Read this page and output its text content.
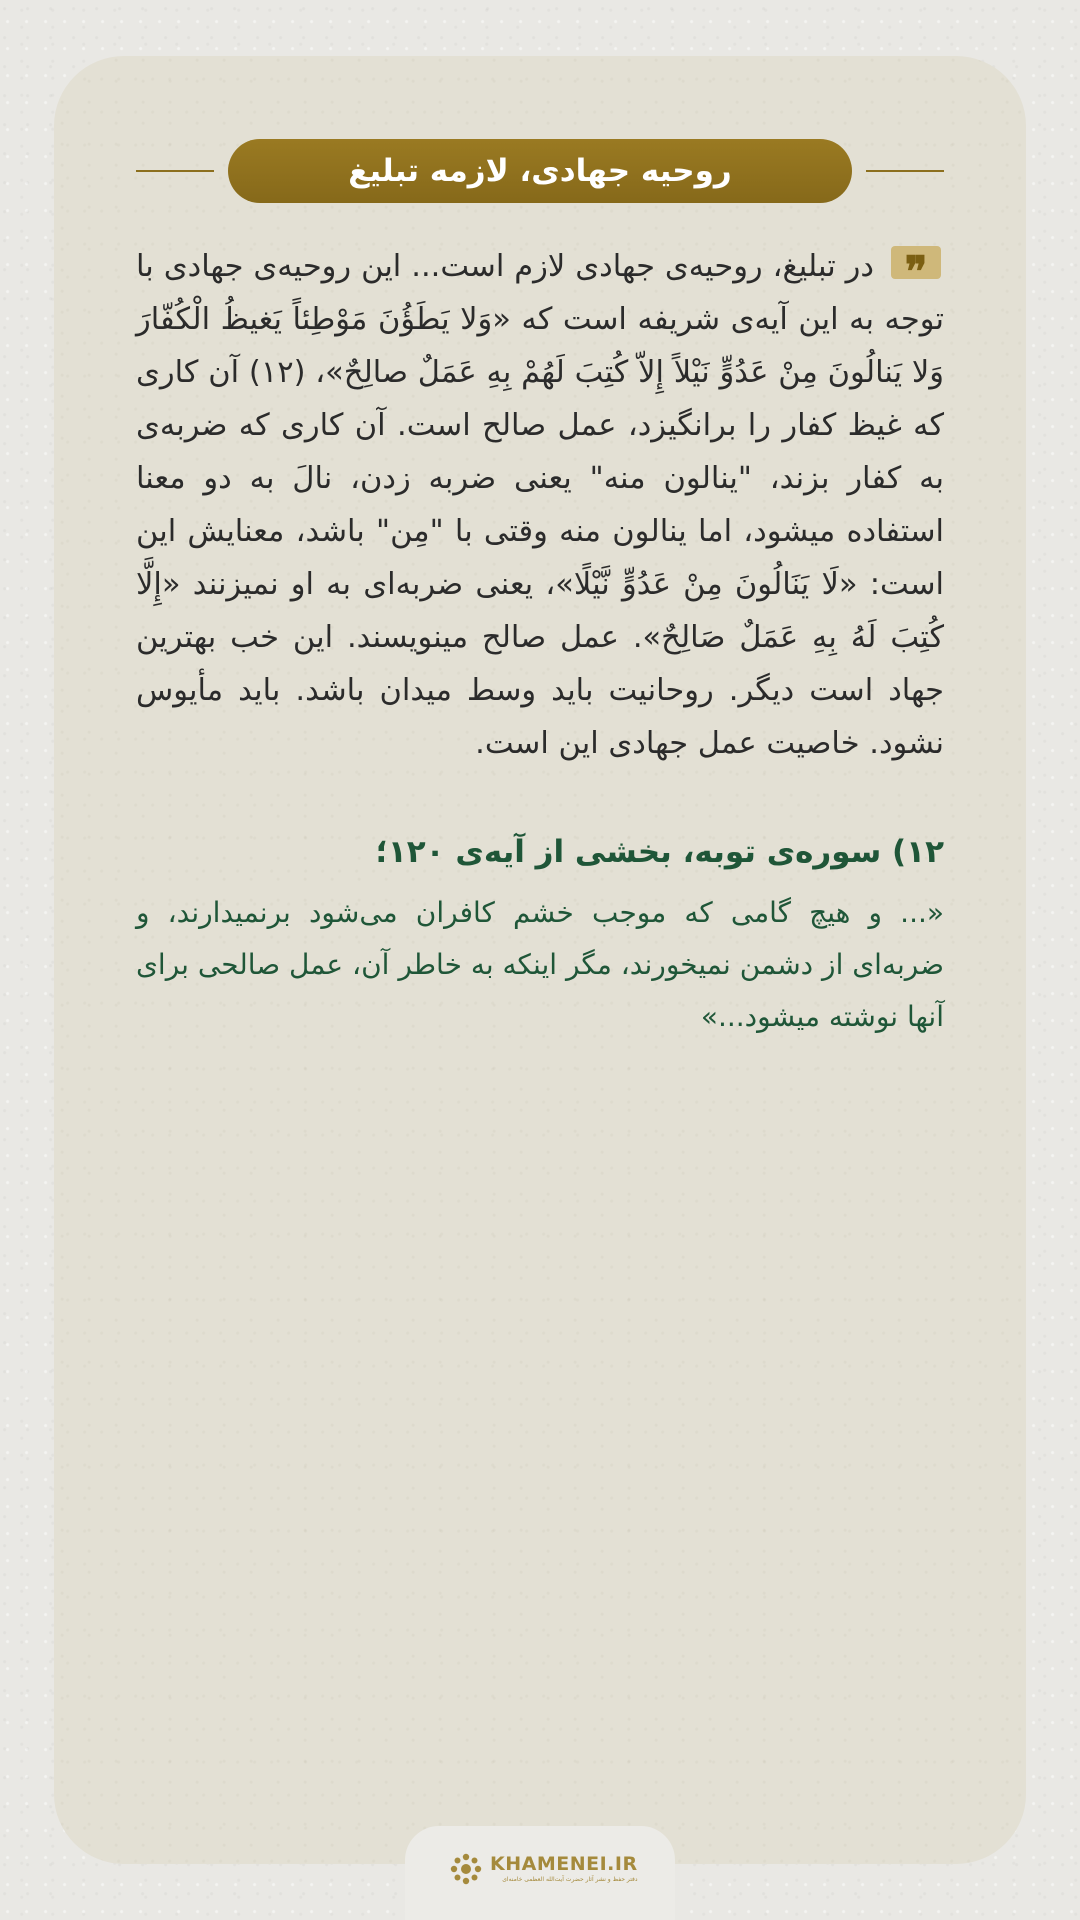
روحیه جهادی، لازمه تبلیغ
❞

در تبلیغ، روحیه‌ی جهادی لازم است... این روحیه‌ی جهادی با توجه به این آیه‌ی شریفه است که «وَلا یَطَؤُنَ مَوْطِئاً یَغیظُ الْکُفّارَ وَلا یَنالُونَ مِنْ عَدُوٍّ نَیْلاً إِلاّ کُتِبَ لَهُمْ بِهِ عَمَلٌ صالِحٌ»، (۱۲) آن کاری که غیظ کفار را برانگیزد، عمل صالح است. آن کاری که ضربه‌ی به کفار بزند، "ینالون منه" یعنی ضربه زدن، نالَ به دو معنا استفاده میشود، اما ینالون منه وقتی با "مِن" باشد، معنایش این است: «لَا یَنَالُونَ مِنْ عَدُوٍّ نَّیْلًا»، یعنی ضربه‌ای به او نمیزنند «إِلَّا کُتِبَ لَهُ بِهِ عَمَلٌ صَالِحٌ». عمل صالح مینویسند. این خب بهترین جهاد است دیگر. روحانیت باید وسط میدان باشد. باید مأیوس نشود. خاصیت عمل جهادی این است.

۱۲) سوره‌ی توبه، بخشی از آیه‌ی ۱۲۰؛

«... و هیچ گامی که موجب خشم کافران می‌شود برنمیدارند، و ضربه‌ای از دشمن نمیخورند، مگر اینکه به خاطر آن، عمل صالحی برای آنها نوشته میشود...»

KHAMENEI.IR
دفتر حفظ و نشر آثار حضرت آیت‌الله العظمی خامنه‌ای
